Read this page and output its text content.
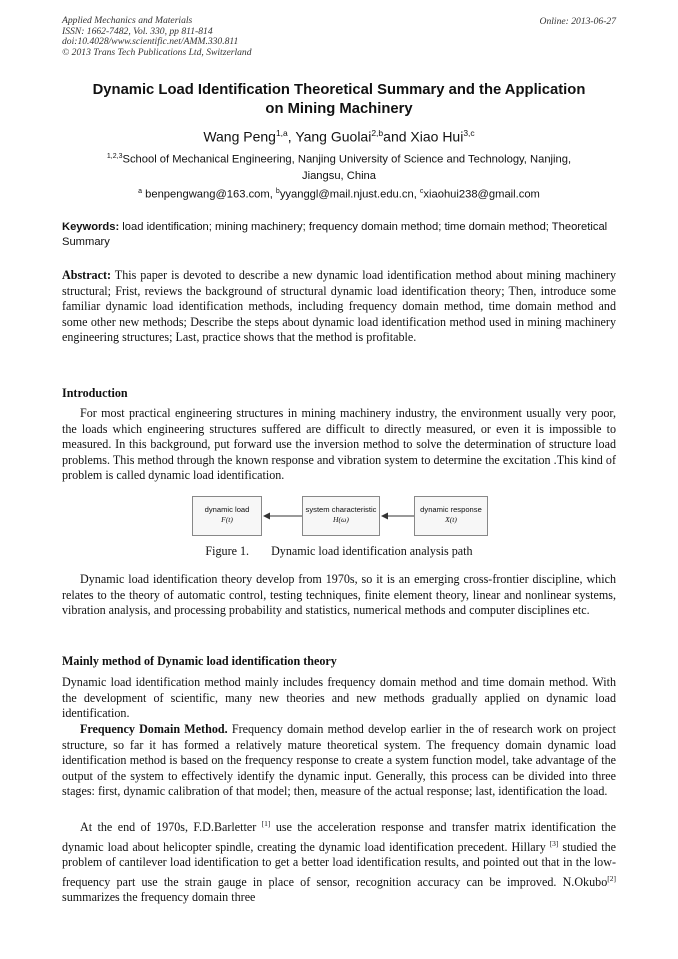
Applied Mechanics and Materials
ISSN: 1662-7482, Vol. 330, pp 811-814
doi:10.4028/www.scientific.net/AMM.330.811
© 2013 Trans Tech Publications Ltd, Switzerland
Online: 2013-06-27
Dynamic Load Identification Theoretical Summary and the Application
on Mining Machinery
Wang Peng$^{1,a}$, Yang Guolai$^{2,b}$and Xiao Hui$^{3,c}$
$^{1,2,3}$School of Mechanical Engineering, Nanjing University of Science and Technology, Nanjing,
Jiangsu, China
$^a$ benpengwang@163.com, $^b$yyanggl@mail.njust.edu.cn, $^c$xiaohui238@gmail.com
Keywords: load identification; mining machinery; frequency domain method; time domain method; Theoretical Summary
Abstract: This paper is devoted to describe a new dynamic load identification method about mining machinery structural; Frist, reviews the background of structural dynamic load identification theory; Then, introduce some familiar dynamic load identification methods, including frequency domain method, time domain method and some other new methods; Describe the steps about dynamic load identification method used in mining machinery engineering structures; Last, practice shows that the method is profitable.
Introduction
For most practical engineering structures in mining machinery industry, the environment usually very poor, the loads which engineering structures suffered are difficult to directly measured, or even it is impossible to measured. In this background, put forward use the inversion method to solve the determination of structure load problems. This method through the known response and vibration system to determine the excitation .This kind of problem is called dynamic load identification.
dynamic load
F(t)
system characteristic
H(ω)
dynamic response
X(t)
Figure 1. Dynamic load identification analysis path
Dynamic load identification theory develop from 1970s, so it is an emerging cross-frontier discipline, which relates to the theory of automatic control, testing techniques, finite element theory, linear and nonlinear systems, vibration analysis, and processing probability and statistics, numerical methods and computer disciplines etc.
Mainly method of Dynamic load identification theory
Dynamic load identification method mainly includes frequency domain method and time domain method. With the development of scientific, many new theories and new methods gradually applied on dynamic load identification.
Frequency Domain Method. Frequency domain method develop earlier in the of research work on project structure, so far it has formed a relatively mature theoretical system. The frequency domain dynamic load identification method is based on the frequency response to create a system function model, take advantage of the output of the system to effectively identify the dynamic input. Generally, this process can be divided into three stages: first, dynamic calibration of that model; then, measure of the actual response; last, identification the load.
At the end of 1970s, F.D.Barletter [1] use the acceleration response and transfer matrix identification the dynamic load about helicopter spindle, creating the dynamic load identification precedent. Hillary [3] studied the problem of cantilever load identification to get a better load identification results, and pointed out that in the low-frequency part use the strain gauge in place of sensor, recognition accuracy can be improved. N.Okubo[2] summarizes the frequency domain three
